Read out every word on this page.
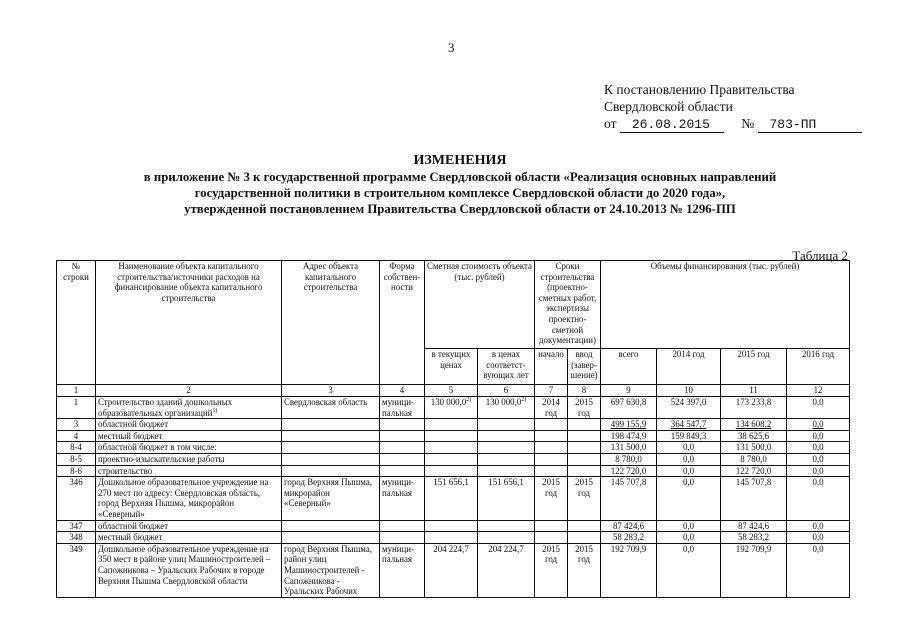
3
К постановлению Правительства
Свердловской области
от 26.08.2015 № 783-ПП
ИЗМЕНЕНИЯ
в приложение № 3 к государственной программе Свердловской области «Реализация основных направлений
государственной политики в строительном комплексе Свердловской области до 2020 года»,
утвержденной постановлением Правительства Свердловской области от 24.10.2013 № 1296-ПП
Таблица 2
№ строки	Наименование объекта капитального строительства/источники расходов на финансирование объекта капитального строительства	Адрес объекта капитального строительства	Форма собствен-ности	Сметная стоимость объекта (тыс. рублей)		Сроки строительства (проектно-сметных работ, экспертизы проектно-сметной документации)		Объемы финансирования (тыс. рублей)			
				в текущих ценах	в ценах соответст-вующих лет	начало	ввод (завер-шение)	всего	2014 год	2015 год	2016 год
1	2	3	4	5	6	7	8	9	10	11	12
1	Строительство зданий дошкольных образовательных организаций$^{1)}$	Свердловская область	муници-пальная	130 000,0$^{2)}$	130 000,0$^{2)}$	2014 год	2015 год	697 630,8	524 397,0	173 233,8	0,0
3	областной бюджет							499 155,9	364 547,7	134 608,2	0,0
4	местный бюджет							198 474,9	159 849,3	38 625,6	0,0
8-4	областной бюджет в том числе:							131 500,0	0,0	131 500,0	0,0
8-5	проектно-изыскательские работы							8 780,0	0,0	8 780,0	0,0
8-6	строительство							122 720,0	0,0	122 720,0	0,0
346	Дошкольное образовательное учреждение на 270 мест по адресу: Свердловская область, город Верхняя Пышма, микрорайон «Северный»	город Верхняя Пышма, микрорайон «Северный»	муници-пальная	151 656,1	151 656,1	2015 год	2015 год	145 707,8	0,0	145 707,8	0,0
347	областной бюджет							87 424,6	0,0	87 424,6	0,0
348	местный бюджет							58 283,2	0,0	58 283,2	0,0
349	Дошкольное образовательное учреждение на 350 мест в районе улиц Машиностроителей – Сапожникова – Уральских Рабочих в городе Верхняя Пышма Свердловской области	город Верхняя Пышма, район улиц Машиностроителей - Сапожникова - Уральских Рабочих	муници-пальная	204 224,7	204 224,7	2015 год	2015 год	192 709,9	0,0	192 709,9	0,0
